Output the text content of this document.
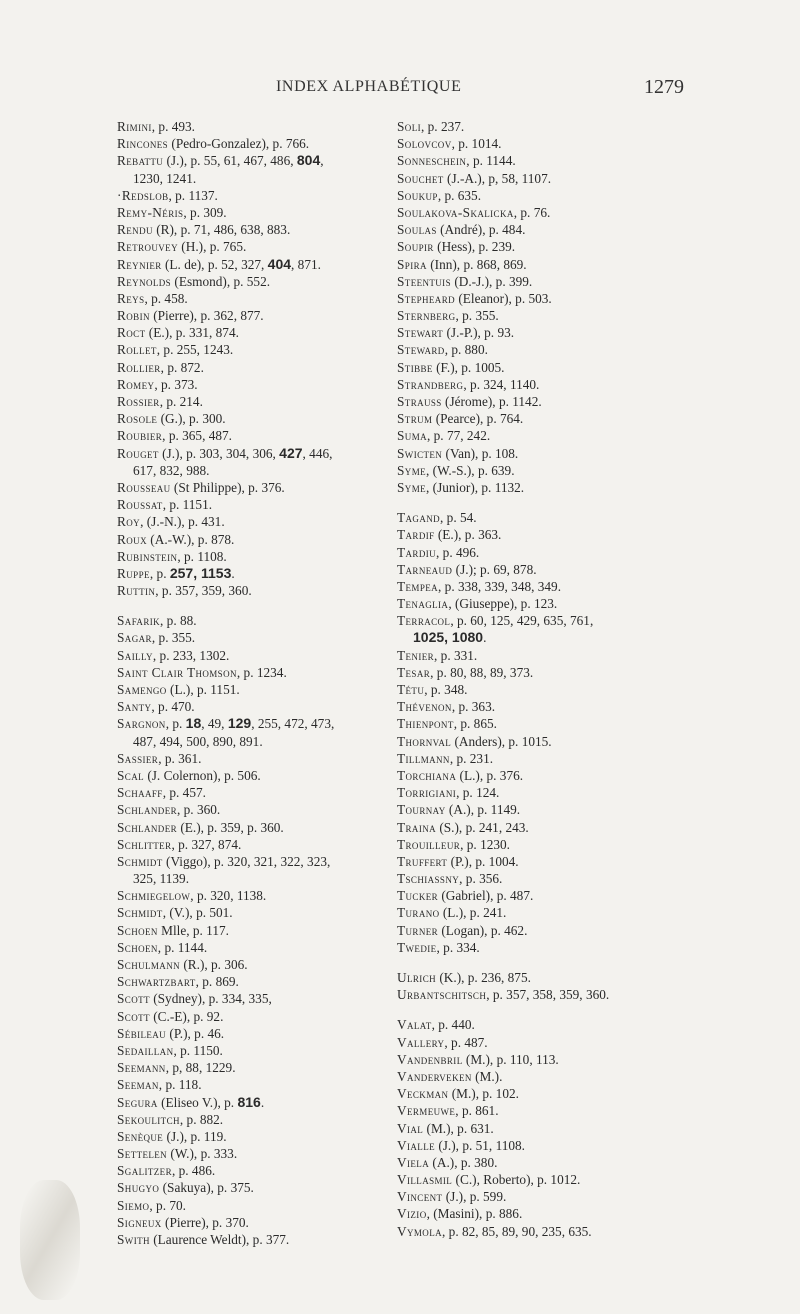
INDEX ALPHABÉTIQUE	1279
Rimini, p. 493.
Rincones (Pedro-Gonzalez), p. 766.
Rebattu (J.), p. 55, 61, 467, 486, 804,
1230, 1241.
·Redslob, p. 1137.
Remy-Néris, p. 309.
Rendu (R), p. 71, 486, 638, 883.
Retrouvey (H.), p. 765.
Reynier (L. de), p. 52, 327, 404, 871.
Reynolds (Esmond), p. 552.
Reys, p. 458.
Robin (Pierre), p. 362, 877.
Roct (E.), p. 331, 874.
Rollet, p. 255, 1243.
Rollier, p. 872.
Romey, p. 373.
Rossier, p. 214.
Rosole (G.), p. 300.
Roubier, p. 365, 487.
Rouget (J.), p. 303, 304, 306, 427, 446,
617, 832, 988.
Rousseau (St Philippe), p. 376.
Roussat, p. 1151.
Roy, (J.-N.), p. 431.
Roux (A.-W.), p. 878.
Rubinstein, p. 1108.
Ruppe, p. 257, 1153.
Ruttin, p. 357, 359, 360.
Safarik, p. 88.
Sagar, p. 355.
Sailly, p. 233, 1302.
Saint Clair Thomson, p. 1234.
Samengo (L.), p. 1151.
Santy, p. 470.
Sargnon, p. 18, 49, 129, 255, 472, 473,
487, 494, 500, 890, 891.
Sassier, p. 361.
Scal (J. Colernon), p. 506.
Schaaff, p. 457.
Schlander, p. 360.
Schlander (E.), p. 359, p. 360.
Schlitter, p. 327, 874.
Schmidt (Viggo), p. 320, 321, 322, 323,
325, 1139.
Schmiegelow, p. 320, 1138.
Schmidt, (V.), p. 501.
Schoen Mlle, p. 117.
Schoen, p. 1144.
Schulmann (R.), p. 306.
Schwartzbart, p. 869.
Scott (Sydney), p. 334, 335,
Scott (C.-E), p. 92.
Sébileau (P.), p. 46.
Sedaillan, p. 1150.
Seemann, p, 88, 1229.
Seeman, p. 118.
Segura (Eliseo V.), p. 816.
Sekoulitch, p. 882.
Senèque (J.), p. 119.
Settelen (W.), p. 333.
Sgalitzer, p. 486.
Shugyo (Sakuya), p. 375.
Siemo, p. 70.
Signeux (Pierre), p. 370.
Swith (Laurence Weldt), p. 377.
Soli, p. 237.
Solovcov, p. 1014.
Sonneschein, p. 1144.
Souchet (J.-A.), p, 58, 1107.
Soukup, p. 635.
Soulakova-Skalicka, p. 76.
Soulas (André), p. 484.
Soupir (Hess), p. 239.
Spira (Inn), p. 868, 869.
Steentuis (D.-J.), p. 399.
Stepheard (Eleanor), p. 503.
Sternberg, p. 355.
Stewart (J.-P.), p. 93.
Steward, p. 880.
Stibbe (F.), p. 1005.
Strandberg, p. 324, 1140.
Strauss (Jérome), p. 1142.
Strum (Pearce), p. 764.
Suma, p. 77, 242.
Swicten (Van), p. 108.
Syme, (W.-S.), p. 639.
Syme, (Junior), p. 1132.
Tagand, p. 54.
Tardif (E.), p. 363.
Tardiu, p. 496.
Tarneaud (J.); p. 69, 878.
Tempea, p. 338, 339, 348, 349.
Tenaglia, (Giuseppe), p. 123.
Terracol, p. 60, 125, 429, 635, 761,
1025, 1080.
Tenier, p. 331.
Tesar, p. 80, 88, 89, 373.
Tétu, p. 348.
Thévenon, p. 363.
Thienpont, p. 865.
Thornval (Anders), p. 1015.
Tillmann, p. 231.
Torchiana (L.), p. 376.
Torrigiani, p. 124.
Tournay (A.), p. 1149.
Traina (S.), p. 241, 243.
Trouilleur, p. 1230.
Truffert (P.), p. 1004.
Tschiassny, p. 356.
Tucker (Gabriel), p. 487.
Turano (L.), p. 241.
Turner (Logan), p. 462.
Twedie, p. 334.
Ulrich (K.), p. 236, 875.
Urbantschitsch, p. 357, 358, 359, 360.
Valat, p. 440.
Vallery, p. 487.
Vandenbril (M.), p. 110, 113.
Vanderveken (M.).
Veckman (M.), p. 102.
Vermeuwe, p. 861.
Vial (M.), p. 631.
Vialle (J.), p. 51, 1108.
Viela (A.), p. 380.
Villasmil (C.), Roberto), p. 1012.
Vincent (J.), p. 599.
Vizio, (Masini), p. 886.
Vymola, p. 82, 85, 89, 90, 235, 635.
